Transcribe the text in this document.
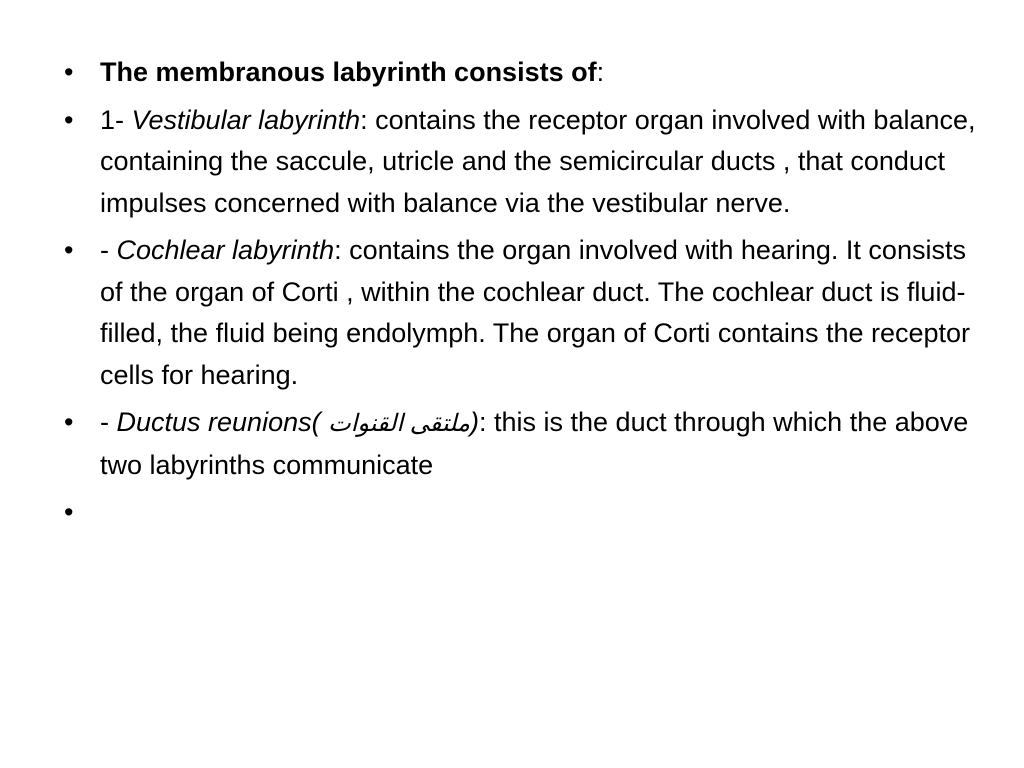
• The membranous labyrinth consists of:
• 1- Vestibular labyrinth: contains the receptor organ involved with balance, containing the saccule, utricle and the semicircular ducts , that conduct impulses concerned with balance via the vestibular nerve.
• - Cochlear labyrinth: contains the organ involved with hearing. It consists of the organ of Corti , within the cochlear duct. The cochlear duct is fluid-filled, the fluid being endolymph. The organ of Corti contains the receptor cells for hearing.
• - Ductus reunions( ملتقى القنوات): this is the duct through which the above two labyrinths communicate
•
